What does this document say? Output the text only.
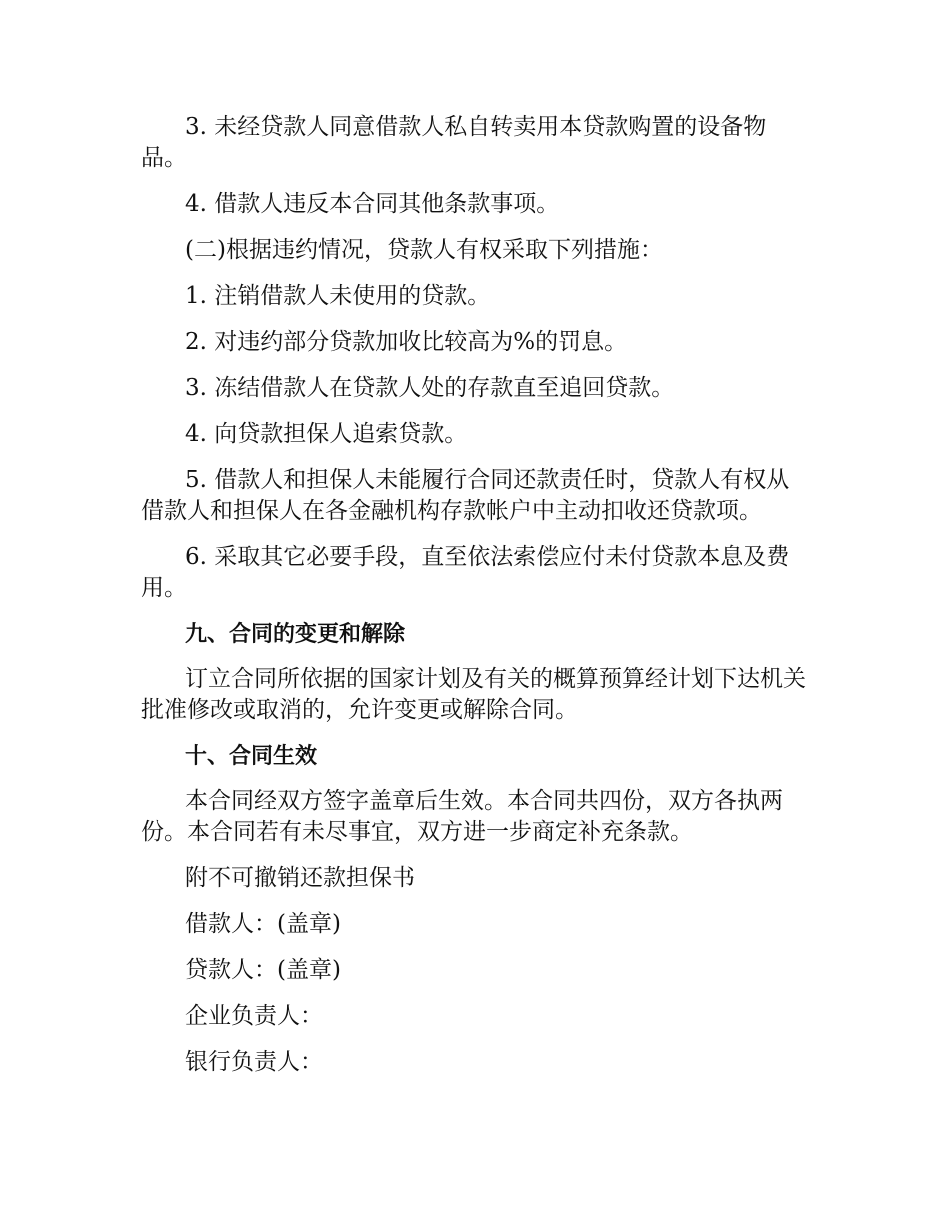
3. 未经贷款人同意借款人私自转卖用本贷款购置的设备物品。

4. 借款人违反本合同其他条款事项。

(二)根据违约情况，贷款人有权采取下列措施：

1. 注销借款人未使用的贷款。

2. 对违约部分贷款加收比较高为%的罚息。

3. 冻结借款人在贷款人处的存款直至追回贷款。

4. 向贷款担保人追索贷款。

5. 借款人和担保人未能履行合同还款责任时，贷款人有权从借款人和担保人在各金融机构存款帐户中主动扣收还贷款项。

6. 采取其它必要手段，直至依法索偿应付未付贷款本息及费用。

九、合同的变更和解除

订立合同所依据的国家计划及有关的概算预算经计划下达机关批准修改或取消的，允许变更或解除合同。

十、合同生效

本合同经双方签字盖章后生效。本合同共四份，双方各执两份。本合同若有未尽事宜，双方进一步商定补充条款。

附不可撤销还款担保书

借款人：(盖章)

贷款人：(盖章)

企业负责人：

银行负责人：
